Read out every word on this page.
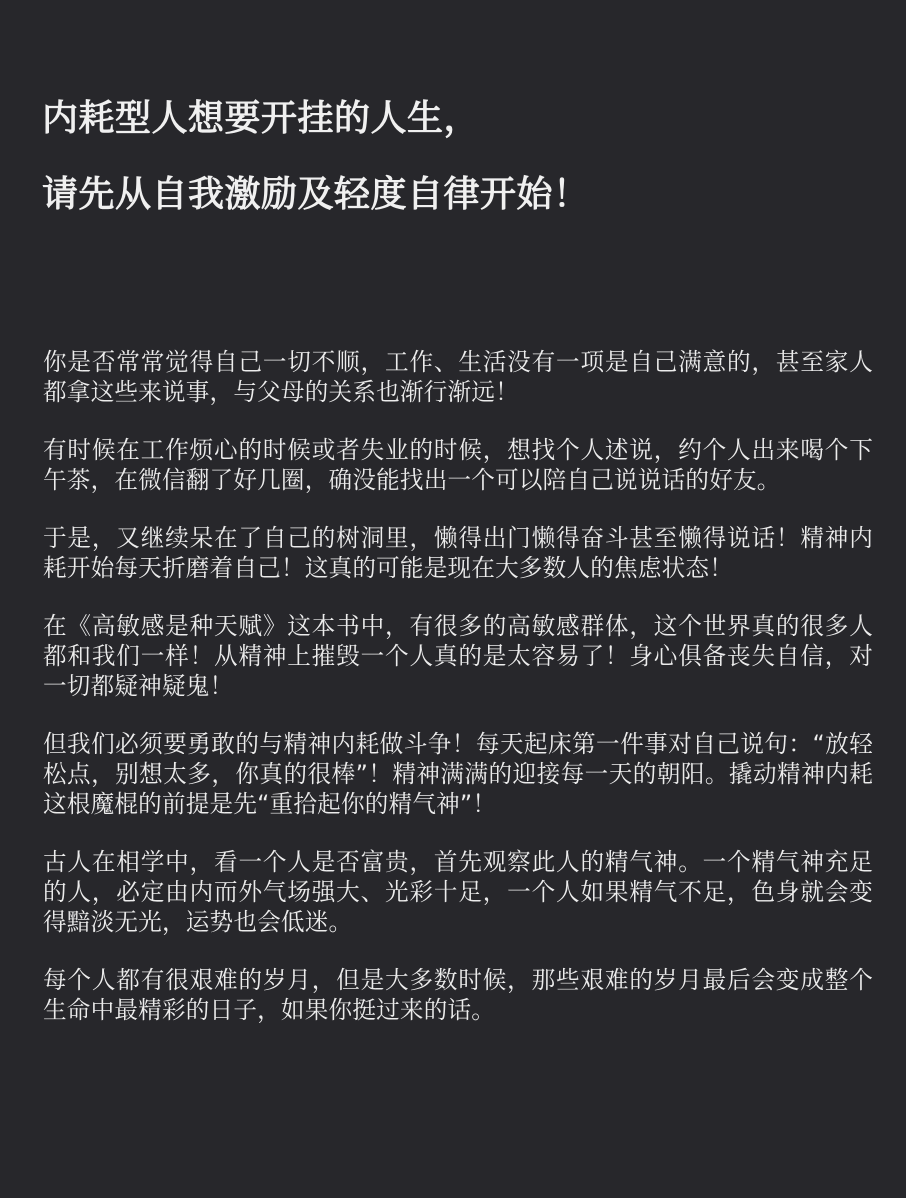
内耗型人想要开挂的人生，
请先从自我激励及轻度自律开始！

你是否常常觉得自己一切不顺，工作、生活没有一项是自己满意的，甚至家人都拿这些来说事，与父母的关系也渐行渐远！

有时候在工作烦心的时候或者失业的时候，想找个人述说，约个人出来喝个下午茶，在微信翻了好几圈，确没能找出一个可以陪自己说说话的好友。

于是，又继续呆在了自己的树洞里，懒得出门懒得奋斗甚至懒得说话！精神内耗开始每天折磨着自己！这真的可能是现在大多数人的焦虑状态！

在《高敏感是种天赋》这本书中，有很多的高敏感群体，这个世界真的很多人都和我们一样！从精神上摧毁一个人真的是太容易了！身心俱备丧失自信，对一切都疑神疑鬼！

但我们必须要勇敢的与精神内耗做斗争！每天起床第一件事对自己说句：“放轻松点，别想太多，你真的很棒”！精神满满的迎接每一天的朝阳。撬动精神内耗这根魔棍的前提是先“重拾起你的精气神”！

古人在相学中，看一个人是否富贵，首先观察此人的精气神。一个精气神充足的人，必定由内而外气场强大、光彩十足，一个人如果精气不足，色身就会变得黯淡无光，运势也会低迷。

每个人都有很艰难的岁月，但是大多数时候，那些艰难的岁月最后会变成整个生命中最精彩的日子，如果你挺过来的话。
